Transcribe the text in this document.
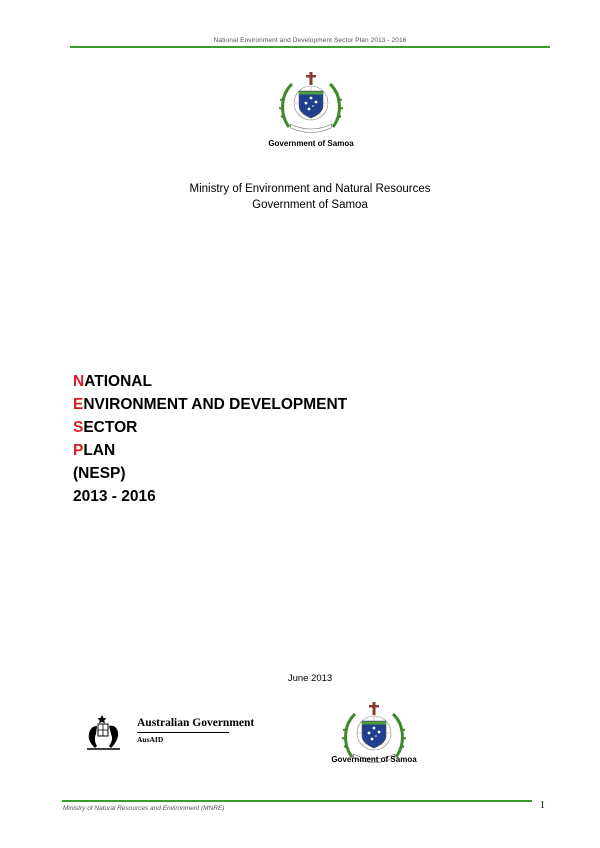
National Environment and Development Sector Plan 2013 - 2016
Government of Samoa
Ministry of Environment and Natural Resources
Government of Samoa
NATIONAL
ENVIRONMENT AND DEVELOPMENT
SECTOR
PLAN
(NESP)
2013 - 2016
June 2013
Australian Government
AusAID
Government of Samoa
Ministry of Natural Resources and Environment (MNRE)	1
